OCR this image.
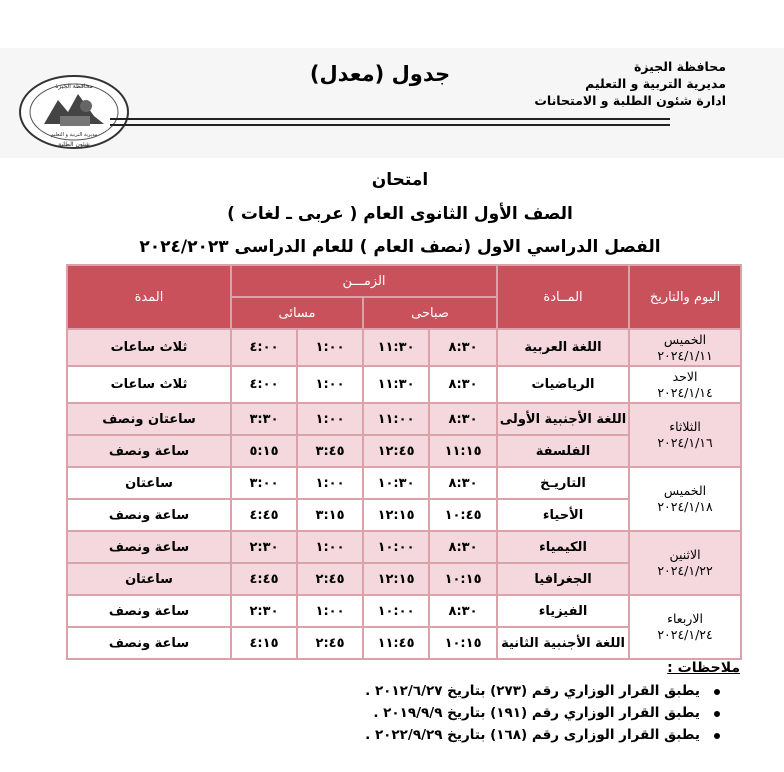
محافظة الجيزة
مديرية التربية و التعليم
شئون الطلبة
جدول (معدل)	محافظة الجيزة
مديرية التربية و التعليم
ادارة شئون الطلبة و الامتحانات
امتحان
الصف الأول الثانوى العام ( عربى ـ لغات )
الفصل الدراسي الاول (نصف العام ) للعام الدراسى ٢٠٢٤/٢٠٢٣
اليوم والتاريخ	المــادة	الزمـــن				المدة
		صباحى		مسائى		

الخميس
٢٠٢٤/١/١١	اللغة العربية	٨:٣٠	١١:٣٠	١:٠٠	٤:٠٠	ثلاث ساعات

الاحد
٢٠٢٤/١/١٤	الرياضيات	٨:٣٠	١١:٣٠	١:٠٠	٤:٠٠	ثلاث ساعات

الثلاثاء
٢٠٢٤/١/١٦	اللغة الأجنبية الأولى	٨:٣٠	١١:٠٠	١:٠٠	٣:٣٠	ساعتان ونصف
	الفلسفة	١١:١٥	١٢:٤٥	٣:٤٥	٥:١٥	ساعة ونصف

الخميس
٢٠٢٤/١/١٨	التاريـخ	٨:٣٠	١٠:٣٠	١:٠٠	٣:٠٠	ساعتان
	الأحياء	١٠:٤٥	١٢:١٥	٣:١٥	٤:٤٥	ساعة ونصف

الاثنين
٢٠٢٤/١/٢٢	الكيمياء	٨:٣٠	١٠:٠٠	١:٠٠	٢:٣٠	ساعة ونصف
	الجغرافيا	١٠:١٥	١٢:١٥	٢:٤٥	٤:٤٥	ساعتان

الاربعاء
٢٠٢٤/١/٢٤	الفيزياء	٨:٣٠	١٠:٠٠	١:٠٠	٢:٣٠	ساعة ونصف
	اللغة الأجنبية الثانية	١٠:١٥	١١:٤٥	٢:٤٥	٤:١٥	ساعة ونصف
ملاحظات :
يطبق القرار الوزاري رقم (٢٧٣) بتاريخ ٢٠١٢/٦/٢٧ .
يطبق القرار الوزاري رقم (١٩١) بتاريخ ٢٠١٩/٩/٩ .
يطبق القرار الوزارى رقم (١٦٨) بتاريخ ٢٠٢٢/٩/٢٩ .
